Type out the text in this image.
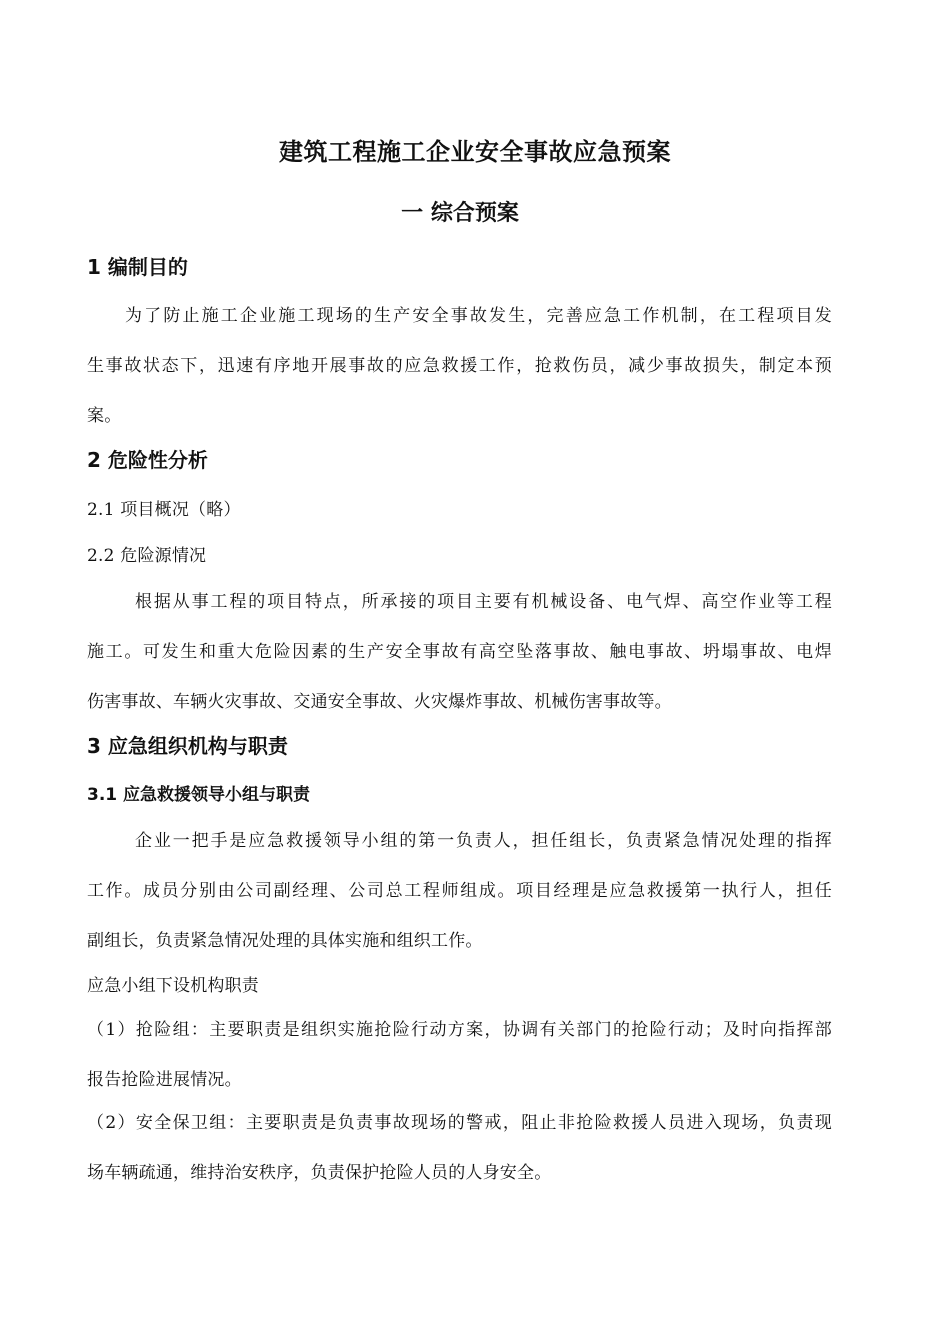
建筑工程施工企业安全事故应急预案
一 综合预案
1 编制目的
为了防止施工企业施工现场的生产安全事故发生，完善应急工作机制，在工程项目发
生事故状态下，迅速有序地开展事故的应急救援工作，抢救伤员，减少事故损失，制定本预
案。
2 危险性分析
2.1 项目概况（略）
2.2 危险源情况
根据从事工程的项目特点，所承接的项目主要有机械设备、电气焊、高空作业等工程
施工。可发生和重大危险因素的生产安全事故有高空坠落事故、触电事故、坍塌事故、电焊
伤害事故、车辆火灾事故、交通安全事故、火灾爆炸事故、机械伤害事故等。
3 应急组织机构与职责
3.1 应急救援领导小组与职责
企业一把手是应急救援领导小组的第一负责人，担任组长，负责紧急情况处理的指挥
工作。成员分别由公司副经理、公司总工程师组成。项目经理是应急救援第一执行人，担任
副组长，负责紧急情况处理的具体实施和组织工作。
应急小组下设机构职责
（1）抢险组：主要职责是组织实施抢险行动方案，协调有关部门的抢险行动；及时向指挥部
报告抢险进展情况。
（2）安全保卫组：主要职责是负责事故现场的警戒，阻止非抢险救援人员进入现场，负责现
场车辆疏通，维持治安秩序，负责保护抢险人员的人身安全。
